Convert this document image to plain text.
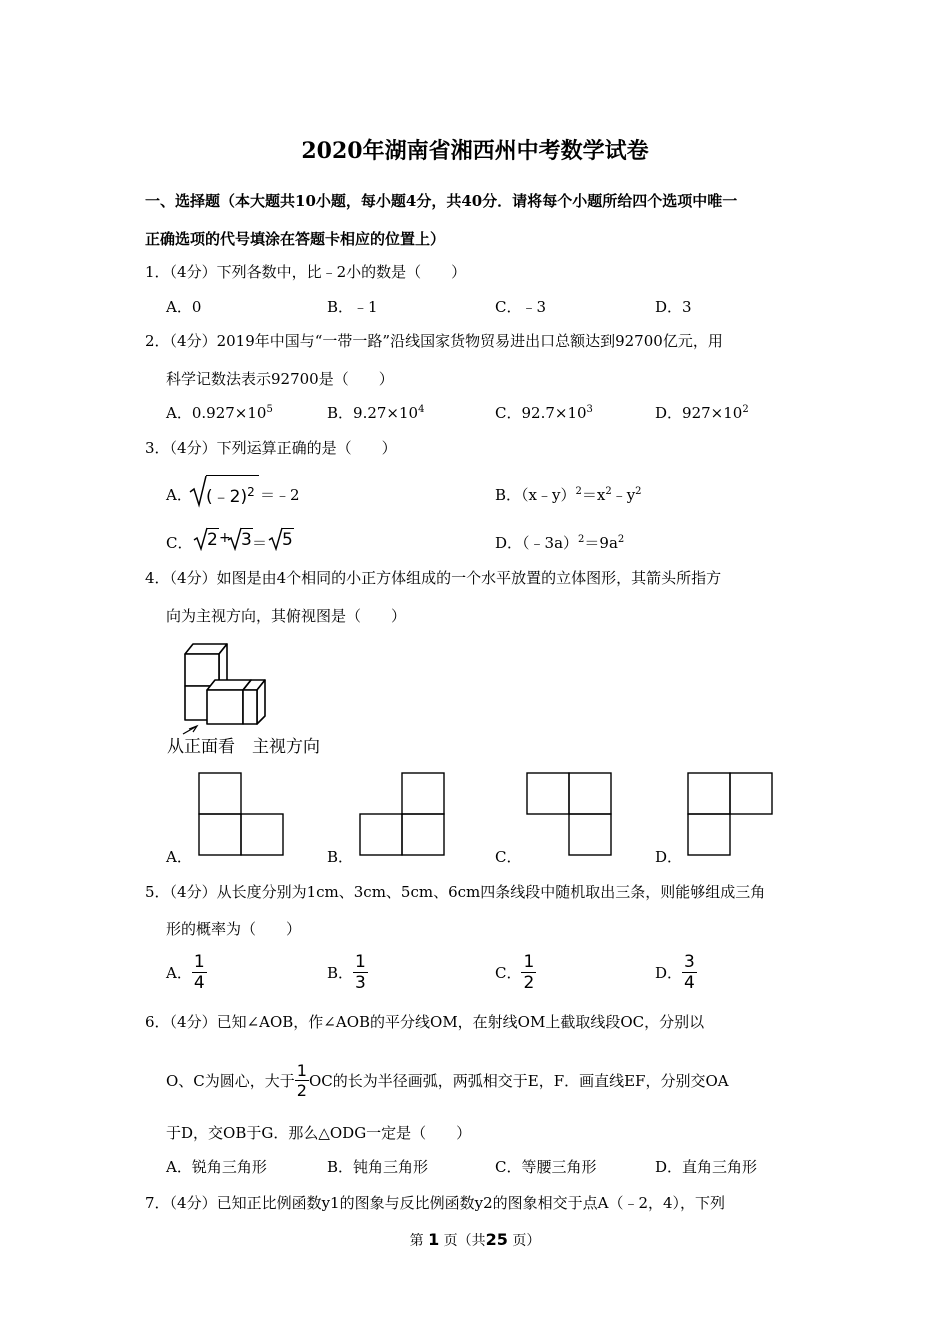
2020年湖南省湘西州中考数学试卷
一、选择题（本大题共10小题，每小题4分，共40分．请将每个小题所给四个选项中唯一
正确选项的代号填涂在答题卡相应的位置上）
1．（4分）下列各数中，比﹣2小的数是（　　）
A．0	B．﹣1	C．﹣3	D．3
2．（4分）2019年中国与“一带一路”沿线国家货物贸易进出口总额达到92700亿元，用
科学记数法表示92700是（　　）
A．$0.927\times 10^5$	B．$9.27\times 10^4$	C．$92.7\times 10^3$	D．$927\times 10^2$
3．（4分）下列运算正确的是（　　）
A． (﹣2)$^2$ ＝﹣2	B．$(x﹣y)^2=x^2﹣y^2$
C． 2 + 3 ＝ 5	D．$(﹣3a)^2=9a^2$
4．（4分）如图是由4个相同的小正方体组成的一个水平放置的立体图形，其箭头所指方
向为主视方向，其俯视图是（　　）
从正面看　主视方向
A．	B．	C．	D．
5．（4分）从长度分别为1cm、3cm、5cm、6cm四条线段中随机取出三条，则能够组成三角
形的概率为（　　）
A． $\frac{1}{4}$	B． $\frac{1}{3}$	C． $\frac{1}{2}$	D． $\frac{3}{4}$
6．（4分）已知∠AOB，作∠AOB的平分线OM，在射线OM上截取线段OC，分别以
O、C为圆心，大于 $\frac{1}{2}$ OC的长为半径画弧，两弧相交于E，F．画直线EF，分别交OA
于D，交OB于G．那么△ODG一定是（　　）
A．锐角三角形	B．钝角三角形	C．等腰三角形	D．直角三角形
7．（4分）已知正比例函数y1的图象与反比例函数y2的图象相交于点A（﹣2，4），下列
第 1 页（共25 页）
